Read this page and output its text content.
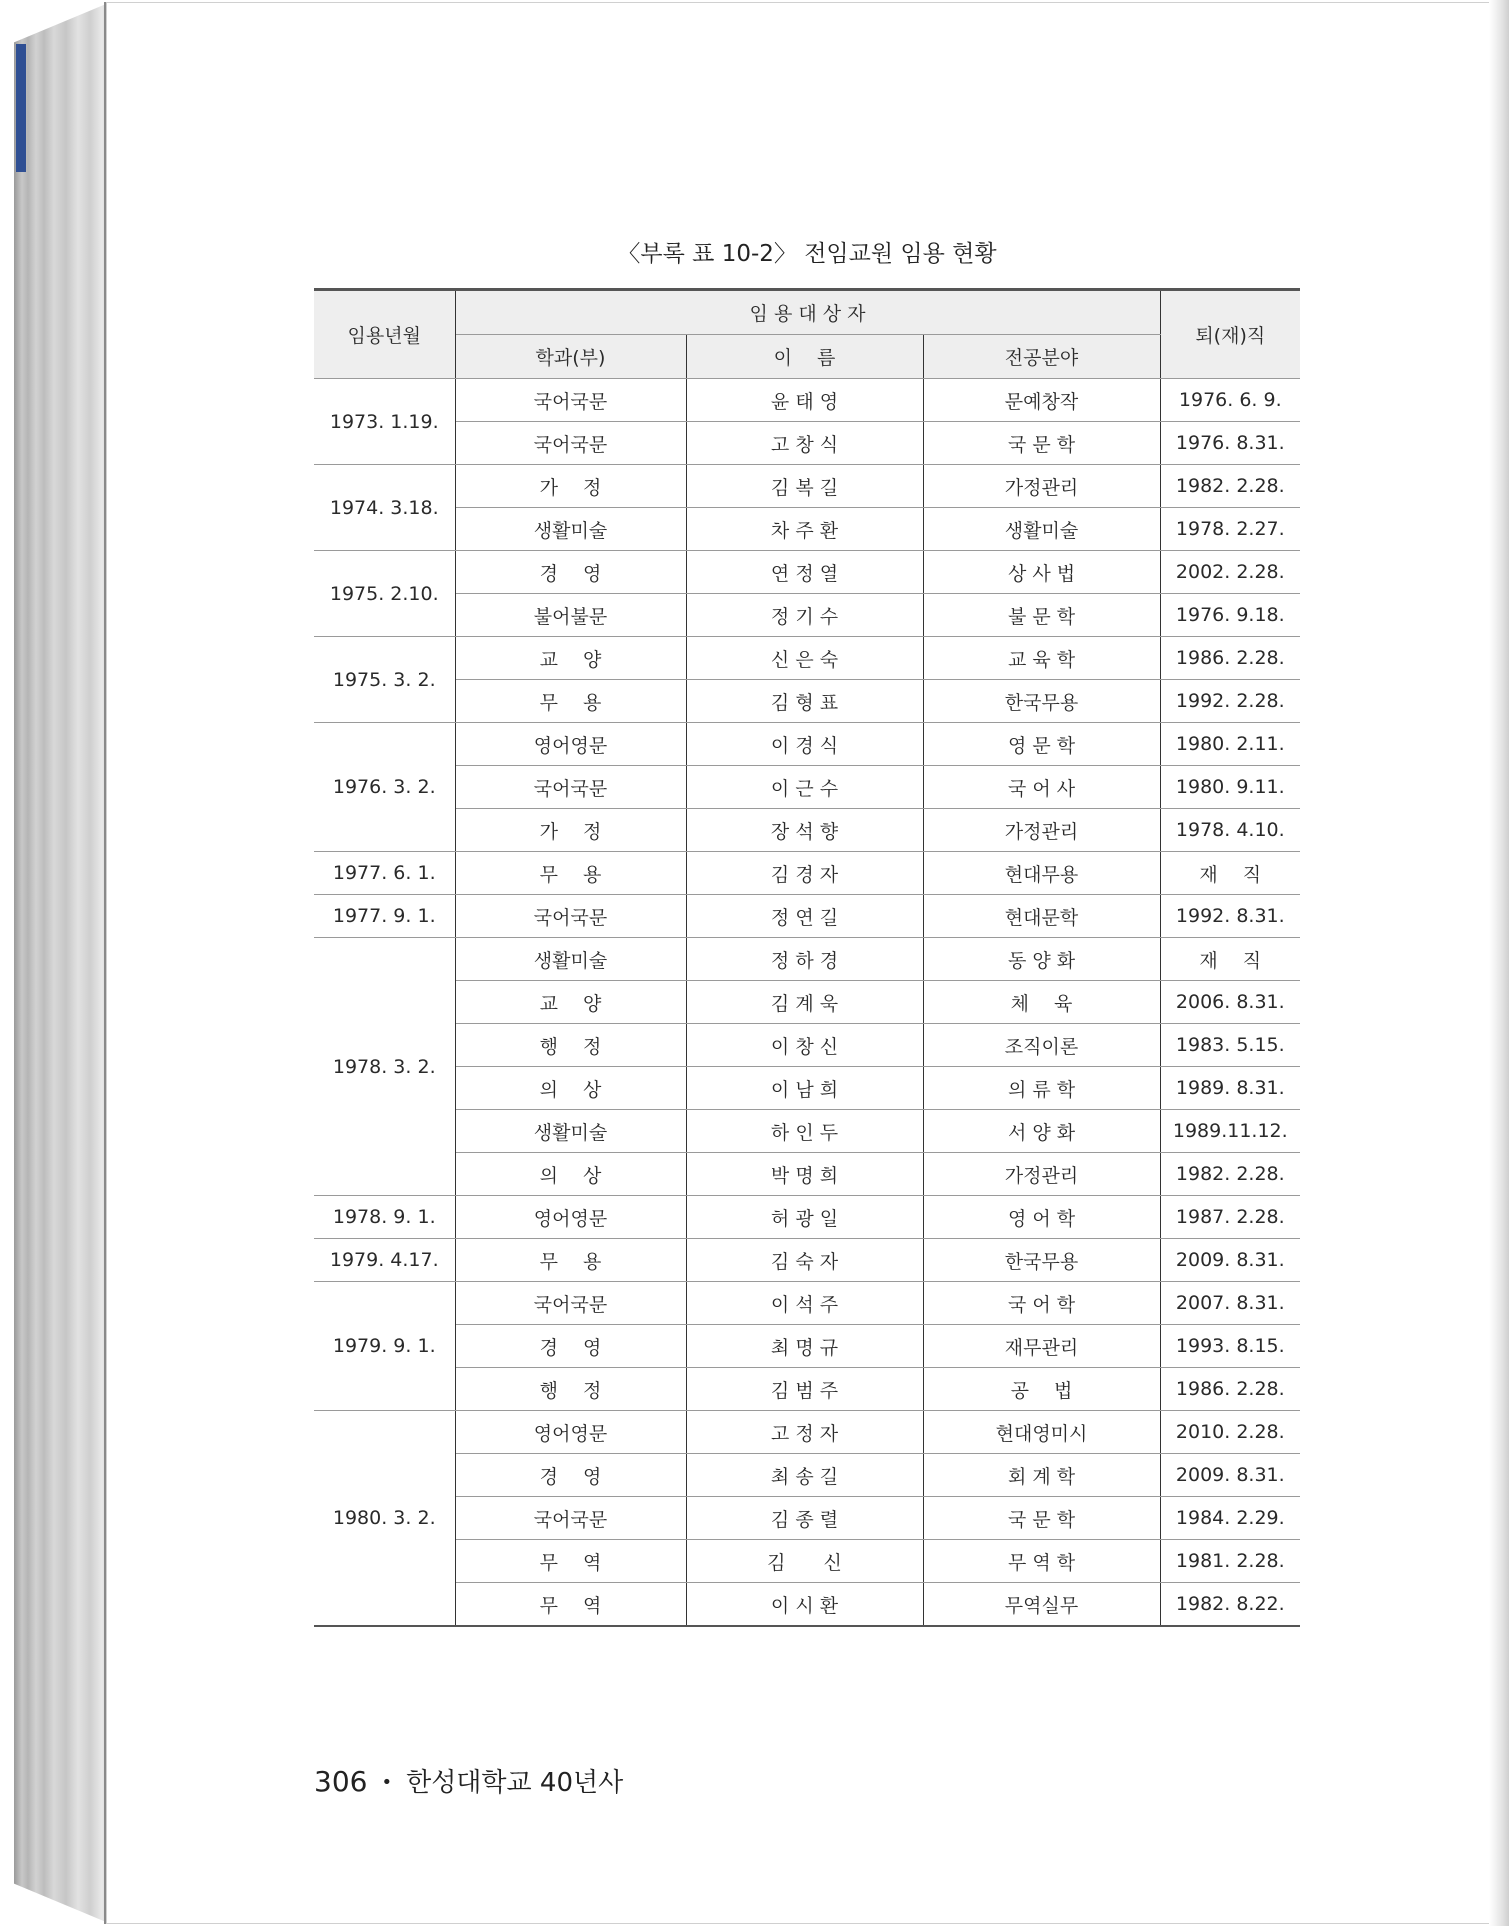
〈부록 표 10-2〉 전임교원 임용 현황
임용년월	임 용 대 상 자			퇴(재)직
	학과(부)	이　 름	전공분야	
1973. 1.19.	국어국문	윤 태 영	문예창작	1976. 6. 9.
	국어국문	고 창 식	국 문 학	1976. 8.31.
1974. 3.18.	가　 정	김 복 길	가정관리	1982. 2.28.
	생활미술	차 주 환	생활미술	1978. 2.27.
1975. 2.10.	경　 영	연 정 열	상 사 법	2002. 2.28.
	불어불문	정 기 수	불 문 학	1976. 9.18.
1975. 3. 2.	교　 양	신 은 숙	교 육 학	1986. 2.28.
	무　 용	김 형 표	한국무용	1992. 2.28.
1976. 3. 2.	영어영문	이 경 식	영 문 학	1980. 2.11.
	국어국문	이 근 수	국 어 사	1980. 9.11.
	가　 정	장 석 향	가정관리	1978. 4.10.
1977. 6. 1.	무　 용	김 경 자	현대무용	재　 직
1977. 9. 1.	국어국문	정 연 길	현대문학	1992. 8.31.
1978. 3. 2.	생활미술	정 하 경	동 양 화	재　 직
	교　 양	김 계 욱	체　 육	2006. 8.31.
	행　 정	이 창 신	조직이론	1983. 5.15.
	의　 상	이 남 희	의 류 학	1989. 8.31.
	생활미술	하 인 두	서 양 화	1989.11.12.
	의　 상	박 명 희	가정관리	1982. 2.28.
1978. 9. 1.	영어영문	허 광 일	영 어 학	1987. 2.28.
1979. 4.17.	무　 용	김 숙 자	한국무용	2009. 8.31.
1979. 9. 1.	국어국문	이 석 주	국 어 학	2007. 8.31.
	경　 영	최 명 규	재무관리	1993. 8.15.
	행　 정	김 범 주	공　 법	1986. 2.28.
1980. 3. 2.	영어영문	고 정 자	현대영미시	2010. 2.28.
	경　 영	최 송 길	회 계 학	2009. 8.31.
	국어국문	김 종 렬	국 문 학	1984. 2.29.
	무　 역	김　　신	무 역 학	1981. 2.28.
	무　 역	이 시 환	무역실무	1982. 8.22.
306 • 한성대학교 40년사
